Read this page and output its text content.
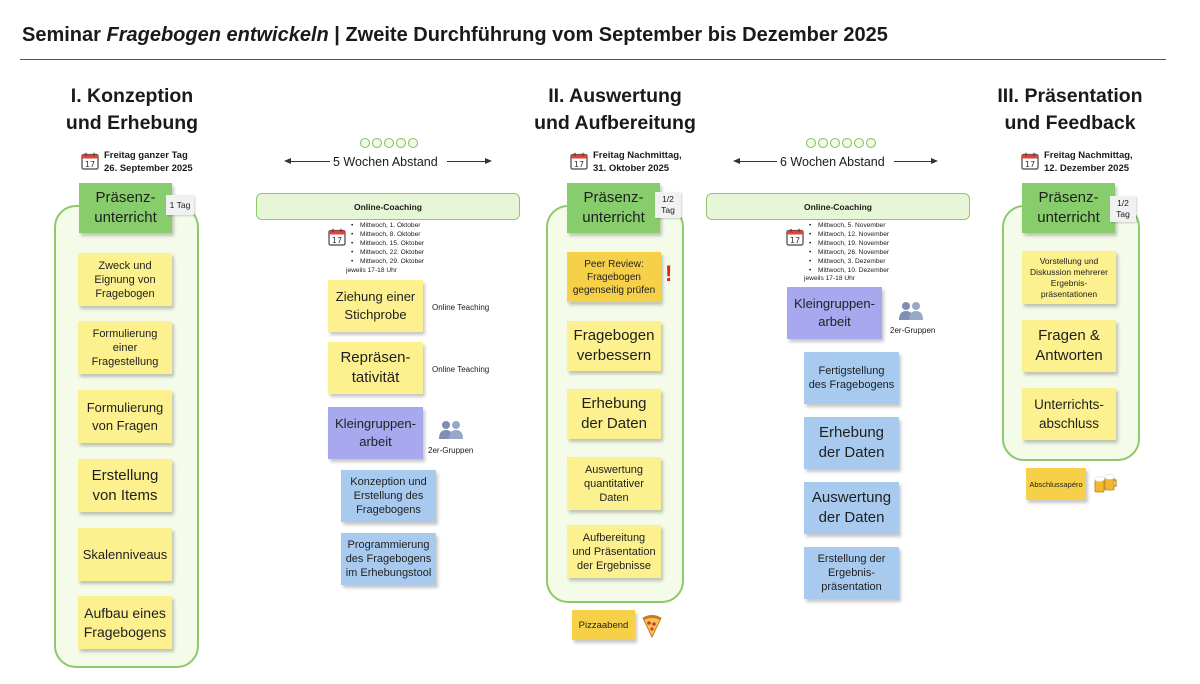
Seminar Fragebogen entwickeln | Zweite Durchführung vom September bis Dezember 2025
I. Konzeption
und Erhebung
17
Freitag ganzer Tag
26. September 2025
Präsenz-
unterricht
1 Tag
Zweck und
Eignung von
Fragebogen
Formulierung
einer
Fragestellung
Formulierung
von Fragen
Erstellung
von Items
Skalenniveaus
Aufbau eines
Fragebogens
5 Wochen Abstand
Online-Coaching
17
• Mittwoch, 1. Oktober
• Mittwoch, 8. Oktober
• Mittwoch, 15. Oktober
• Mittwoch, 22. Oktober
• Mittwoch, 29. Oktober
jeweils 17-18 Uhr
Ziehung einer
Stichprobe	Online Teaching
Repräsen-
tativität	Online Teaching
Kleingruppen-
arbeit
2er-Gruppen
Konzeption und
Erstellung des
Fragebogens
Programmierung
des Fragebogens
im Erhebungstool
II. Auswertung
und Aufbereitung
17
Freitag Nachmittag,
31. Oktober 2025
Präsenz-
unterricht
1/2
Tag
Peer Review:
Fragebogen
gegenseitig prüfen
!
Fragebogen
verbessern
Erhebung
der Daten
Auswertung
quantitativer
Daten
Aufbereitung
und Präsentation
der Ergebnisse
Pizzaabend
6 Wochen Abstand
Online-Coaching
17
• Mittwoch, 5. November
• Mittwoch, 12. November
• Mittwoch, 19. November
• Mittwoch, 26. November
• Mittwoch, 3. Dezember
• Mittwoch, 10. Dezember
jeweils 17-18 Uhr
Kleingruppen-
arbeit
2er-Gruppen
Fertigstellung
des Fragebogens
Erhebung
der Daten
Auswertung
der Daten
Erstellung der
Ergebnis-
präsentation
III. Präsentation
und Feedback
17
Freitag Nachmittag,
12. Dezember 2025
Präsenz-
unterricht
1/2
Tag
Vorstellung und
Diskussion mehrerer
Ergebnis-
präsentationen
Fragen &
Antworten
Unterrichts-
abschluss
Abschlussapéro
